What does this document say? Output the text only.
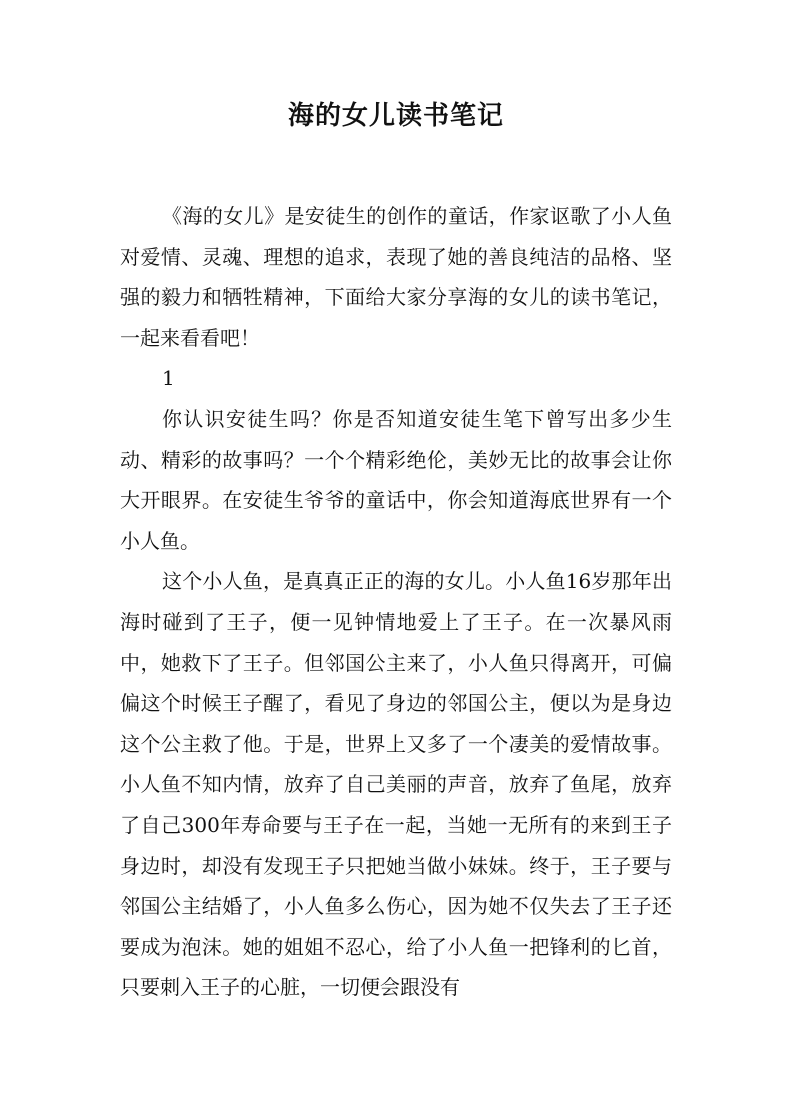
海的女儿读书笔记

《海的女儿》是安徒生的创作的童话，作家讴歌了小人鱼对爱情、灵魂、理想的追求，表现了她的善良纯洁的品格、坚强的毅力和牺牲精神，下面给大家分享海的女儿的读书笔记，一起来看看吧！

1

你认识安徒生吗？你是否知道安徒生笔下曾写出多少生动、精彩的故事吗？一个个精彩绝伦，美妙无比的故事会让你大开眼界。在安徒生爷爷的童话中，你会知道海底世界有一个小人鱼。

这个小人鱼，是真真正正的海的女儿。小人鱼16岁那年出海时碰到了王子，便一见钟情地爱上了王子。在一次暴风雨中，她救下了王子。但邻国公主来了，小人鱼只得离开，可偏偏这个时候王子醒了，看见了身边的邻国公主，便以为是身边这个公主救了他。于是，世界上又多了一个凄美的爱情故事。小人鱼不知内情，放弃了自己美丽的声音，放弃了鱼尾，放弃了自己300年寿命要与王子在一起，当她一无所有的来到王子身边时，却没有发现王子只把她当做小妹妹。终于，王子要与邻国公主结婚了，小人鱼多么伤心，因为她不仅失去了王子还要成为泡沫。她的姐姐不忍心，给了小人鱼一把锋利的匕首，只要刺入王子的心脏，一切便会跟没有
